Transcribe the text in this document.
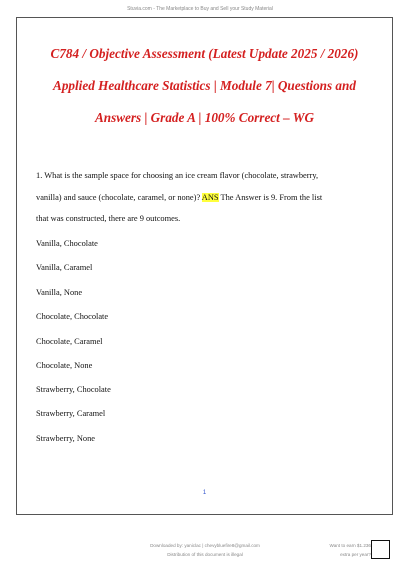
Stuvia.com - The Marketplace to Buy and Sell your Study Material

C784 / Objective Assessment (Latest Update 2025 / 2026)

Applied Healthcare Statistics | Module 7| Questions and

Answers | Grade A | 100% Correct – WG

1. What is the sample space for choosing an ice cream flavor (chocolate, strawberry,
vanilla) and sauce (chocolate, caramel, or none)? ANS The Answer is 9. From the list
that was constructed, there are 9 outcomes.
Vanilla, Chocolate
Vanilla, Caramel
Vanilla, None
Chocolate, Chocolate
Chocolate, Caramel
Chocolate, None
Strawberry, Chocolate
Strawberry, Caramel
Strawberry, None
1
Downloaded by: yaniclac | chevybluefire8@gmail.com
Distribution of this document is illegal
Want to earn $1.236
extra per year?
